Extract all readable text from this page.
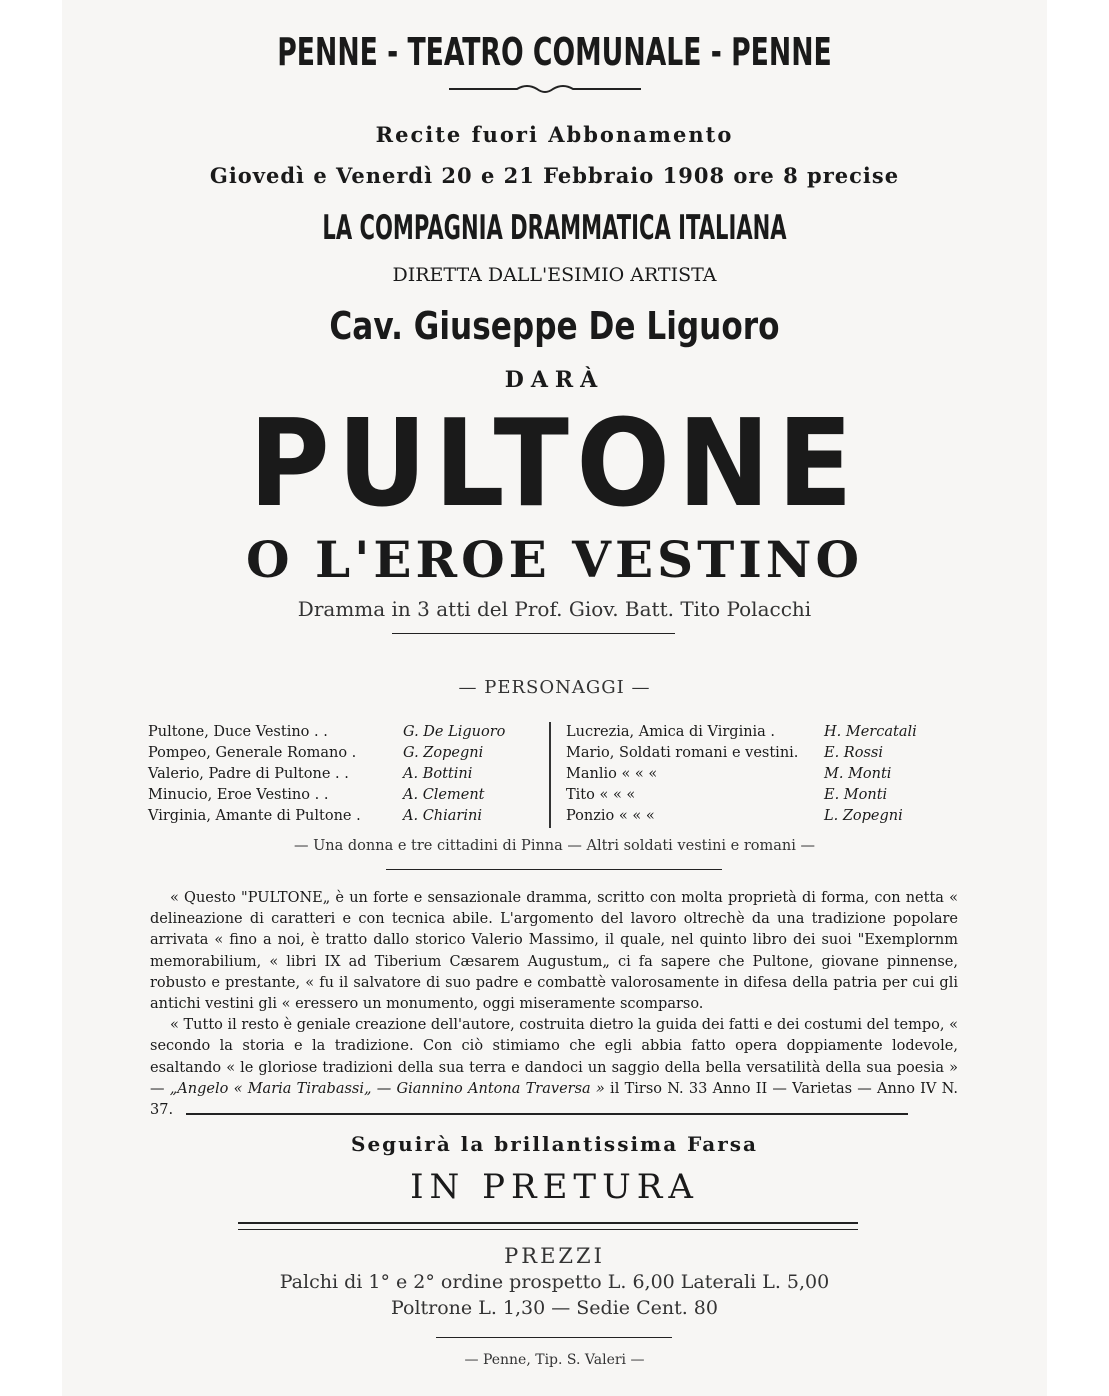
PENNE - TEATRO COMUNALE - PENNE
Recite fuori Abbonamento
Giovedì e Venerdì 20 e 21 Febbraio 1908 ore 8 precise
LA COMPAGNIA DRAMMATICA ITALIANA
DIRETTA DALL'ESIMIO ARTISTA
Cav. Giuseppe De Liguoro
DARÀ
PULTONE
O L'EROE VESTINO
Dramma in 3 atti del Prof. Giov. Batt. Tito Polacchi
— PERSONAGGI —
Pultone, Duce Vestino . .	G. De Liguoro
Pompeo, Generale Romano .	G. Zopegni
Valerio, Padre di Pultone . .	A. Bottini
Minucio, Eroe Vestino . .	A. Clement
Virginia, Amante di Pultone .	A. Chiarini
Lucrezia, Amica di Virginia .	H. Mercatali
Mario, Soldati romani e vestini. E. Rossi
Manlio « « «	M. Monti
Tito « « «	E. Monti
Ponzio « « «	L. Zopegni
— Una donna e tre cittadini di Pinna — Altri soldati vestini e romani —

« Questo "PULTONE„ è un forte e sensazionale dramma, scritto con molta proprietà di forma, con netta « delineazione di caratteri e con tecnica abile. L'argomento del lavoro oltrechè da una tradizione popolare arrivata « fino a noi, è tratto dallo storico Valerio Massimo, il quale, nel quinto libro dei suoi "Exemplornm memorabilium, « libri IX ad Tiberium Cæsarem Augustum„ ci fa sapere che Pultone, giovane pinnense, robusto e prestante, « fu il salvatore di suo padre e combattè valorosamente in difesa della patria per cui gli antichi vestini gli « eressero un monumento, oggi miseramente scomparso.

« Tutto il resto è geniale creazione dell'autore, costruita dietro la guida dei fatti e dei costumi del tempo, « secondo la storia e la tradizione. Con ciò stimiamo che egli abbia fatto opera doppiamente lodevole, esaltando « le gloriose tradizioni della sua terra e dandoci un saggio della bella versatilità della sua poesia » — „Angelo « Maria Tirabassi„ — Giannino Antona Traversa » il Tirso N. 33 Anno II — Varietas — Anno IV N. 37.

Seguirà la brillantissima Farsa
IN PRETURA
PREZZI
Palchi di 1° e 2° ordine prospetto L. 6,00 Laterali L. 5,00
Poltrone L. 1,30 — Sedie Cent. 80
— Penne, Tip. S. Valeri —
